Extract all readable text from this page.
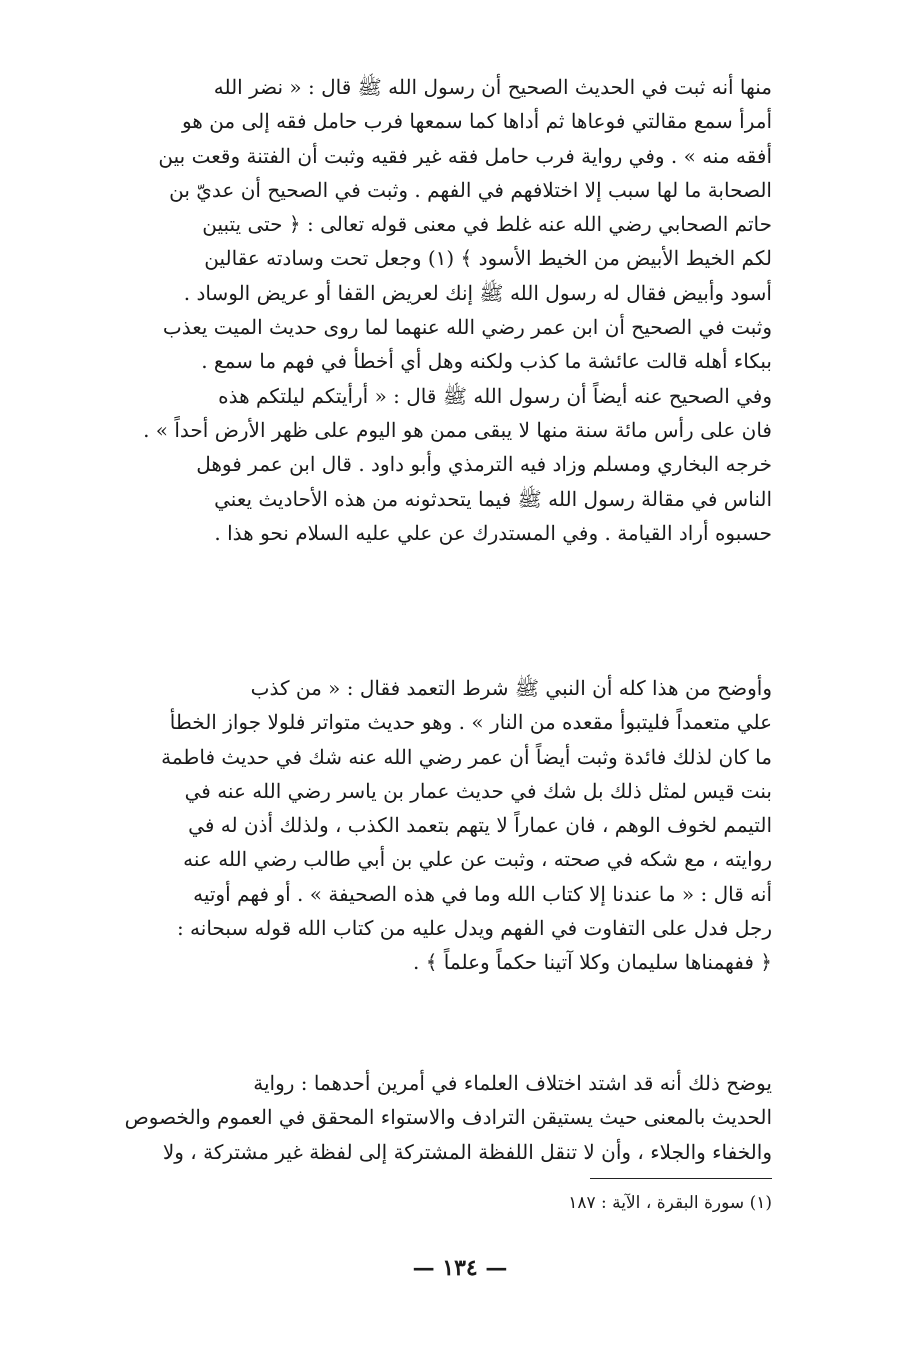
منها أنه ثبت في الحديث الصحيح أن رسول الله ﷺ قال : « نضر الله
أمرأ سمع مقالتي فوعاها ثم أداها كما سمعها فرب حامل فقه إلى من هو
أفقه منه » . وفي رواية فرب حامل فقه غير فقيه وثبت أن الفتنة وقعت بين
الصحابة ما لها سبب إلا اختلافهم في الفهم . وثبت في الصحيح أن عديّ بن
حاتم الصحابي رضي الله عنه غلط في معنى قوله تعالى : ﴿ حتى يتبين
لكم الخيط الأبيض من الخيط الأسود ﴾ (١) وجعل تحت وسادته عقالين
أسود وأبيض فقال له رسول الله ﷺ إنك لعريض القفا أو عريض الوساد .
وثبت في الصحيح أن ابن عمر رضي الله عنهما لما روى حديث الميت يعذب
ببكاء أهله قالت عائشة ما كذب ولكنه وهل أي أخطأ في فهم ما سمع .
وفي الصحيح عنه أيضاً أن رسول الله ﷺ قال : « أرأيتكم ليلتكم هذه
فان على رأس مائة سنة منها لا يبقى ممن هو اليوم على ظهر الأرض أحداً » .
خرجه البخاري ومسلم وزاد فيه الترمذي وأبو داود . قال ابن عمر فوهل
الناس في مقالة رسول الله ﷺ فيما يتحدثونه من هذه الأحاديث يعني
حسبوه أراد القيامة . وفي المستدرك عن علي عليه السلام نحو هذا .
وأوضح من هذا كله أن النبي ﷺ شرط التعمد فقال : « من كذب
علي متعمداً فليتبوأ مقعده من النار » . وهو حديث متواتر فلولا جواز الخطأ
ما كان لذلك فائدة وثبت أيضاً أن عمر رضي الله عنه شك في حديث فاطمة
بنت قيس لمثل ذلك بل شك في حديث عمار بن ياسر رضي الله عنه في
التيمم لخوف الوهم ، فان عماراً لا يتهم بتعمد الكذب ، ولذلك أذن له في
روايته ، مع شكه في صحته ، وثبت عن علي بن أبي طالب رضي الله عنه
أنه قال : « ما عندنا إلا كتاب الله وما في هذه الصحيفة » . أو فهم أوتيه
رجل فدل على التفاوت في الفهم ويدل عليه من كتاب الله قوله سبحانه :
﴿ ففهمناها سليمان وكلا آتينا حكماً وعلماً ﴾ .
يوضح ذلك أنه قد اشتد اختلاف العلماء في أمرين أحدهما : رواية
الحديث بالمعنى حيث يستيقن الترادف والاستواء المحقق في العموم والخصوص
والخفاء والجلاء ، وأن لا تنقل اللفظة المشتركة إلى لفظة غير مشتركة ، ولا
(١) سورة البقرة ، الآية : ١٨٧
— ١٣٤ —
